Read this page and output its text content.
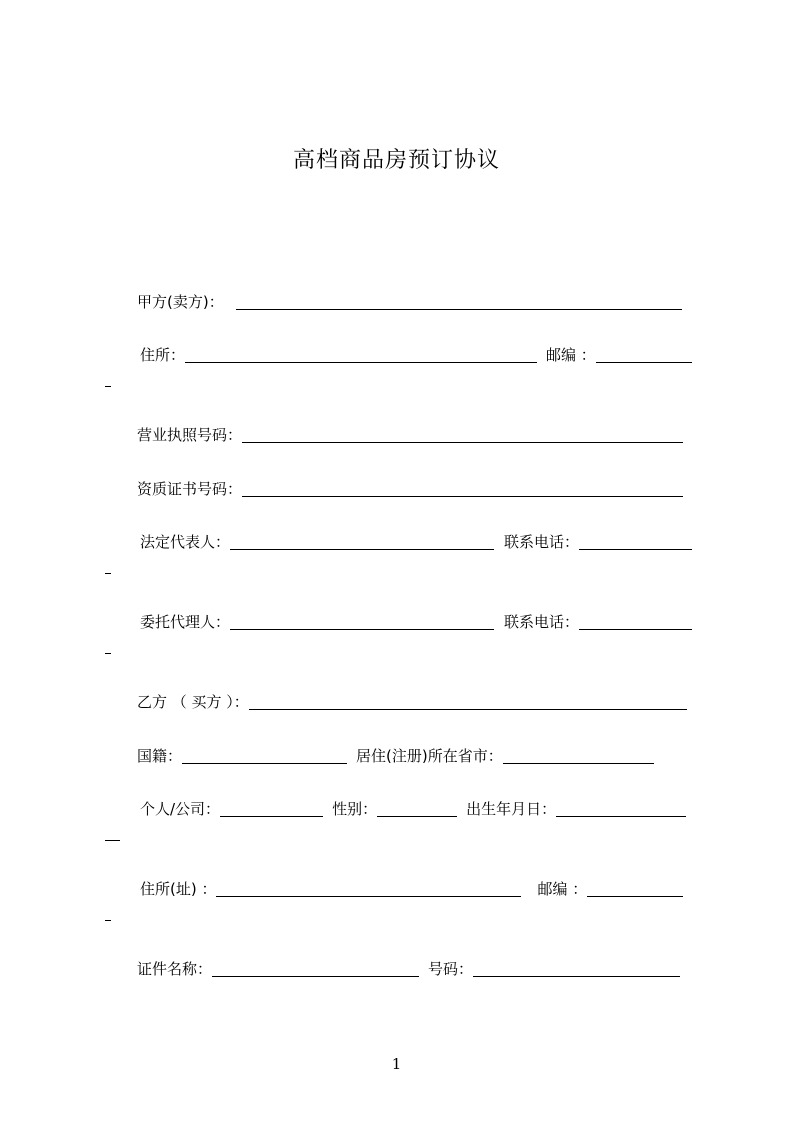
高档商品房预订协议
甲方(卖方)：
住所：	邮编 ：
营业执照号码：
资质证书号码：
法定代表人：	联系电话：
委托代理人：	联系电话：
乙方 （ 买方 ）：
国籍：	居住(注册)所在省市：
个人/公司：	性别：	出生年月日：
住所(址) ：	邮编 ：
证件名称：	号码：
1
